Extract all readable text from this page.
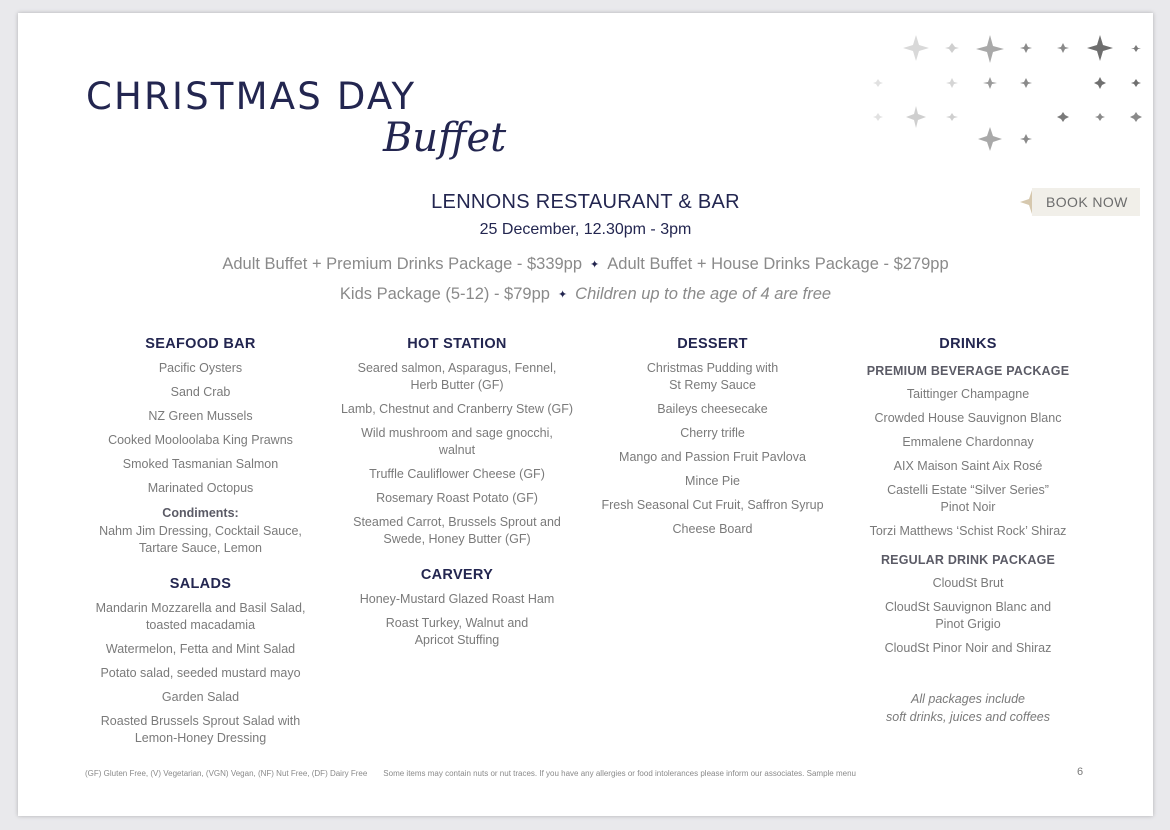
CHRISTMAS DAY
Buffet
BOOK NOW
LENNONS RESTAURANT & BAR
25 December, 12.30pm - 3pm
Adult Buffet + Premium Drinks Package - $339pp ✦ Adult Buffet + House Drinks Package - $279pp
Kids Package (5-12) - $79pp ✦ Children up to the age of 4 are free
SEAFOOD BAR
Pacific Oysters
Sand Crab
NZ Green Mussels
Cooked Mooloolaba King Prawns
Smoked Tasmanian Salmon
Marinated Octopus
Condiments:
Nahm Jim Dressing, Cocktail Sauce,
Tartare Sauce, Lemon
SALADS
Mandarin Mozzarella and Basil Salad,
toasted macadamia
Watermelon, Fetta and Mint Salad
Potato salad, seeded mustard mayo
Garden Salad
Roasted Brussels Sprout Salad with
Lemon-Honey Dressing
HOT STATION
Seared salmon, Asparagus, Fennel,
Herb Butter (GF)
Lamb, Chestnut and Cranberry Stew (GF)
Wild mushroom and sage gnocchi,
walnut
Truffle Cauliflower Cheese (GF)
Rosemary Roast Potato (GF)
Steamed Carrot, Brussels Sprout and
Swede, Honey Butter (GF)
CARVERY
Honey-Mustard Glazed Roast Ham
Roast Turkey, Walnut and
Apricot Stuffing
DESSERT
Christmas Pudding with
St Remy Sauce
Baileys cheesecake
Cherry trifle
Mango and Passion Fruit Pavlova
Mince Pie
Fresh Seasonal Cut Fruit, Saffron Syrup
Cheese Board
DRINKS
PREMIUM BEVERAGE PACKAGE
Taittinger Champagne
Crowded House Sauvignon Blanc
Emmalene Chardonnay
AIX Maison Saint Aix Rosé
Castelli Estate “Silver Series”
Pinot Noir
Torzi Matthews ‘Schist Rock’ Shiraz
REGULAR DRINK PACKAGE
CloudSt Brut
CloudSt Sauvignon Blanc and
Pinot Grigio
CloudSt Pinor Noir and Shiraz
All packages include
soft drinks, juices and coffees
(GF) Gluten Free, (V) Vegetarian, (VGN) Vegan, (NF) Nut Free, (DF) Dairy Free Some items may contain nuts or nut traces. If you have any allergies or food intolerances please inform our associates. Sample menu	6
